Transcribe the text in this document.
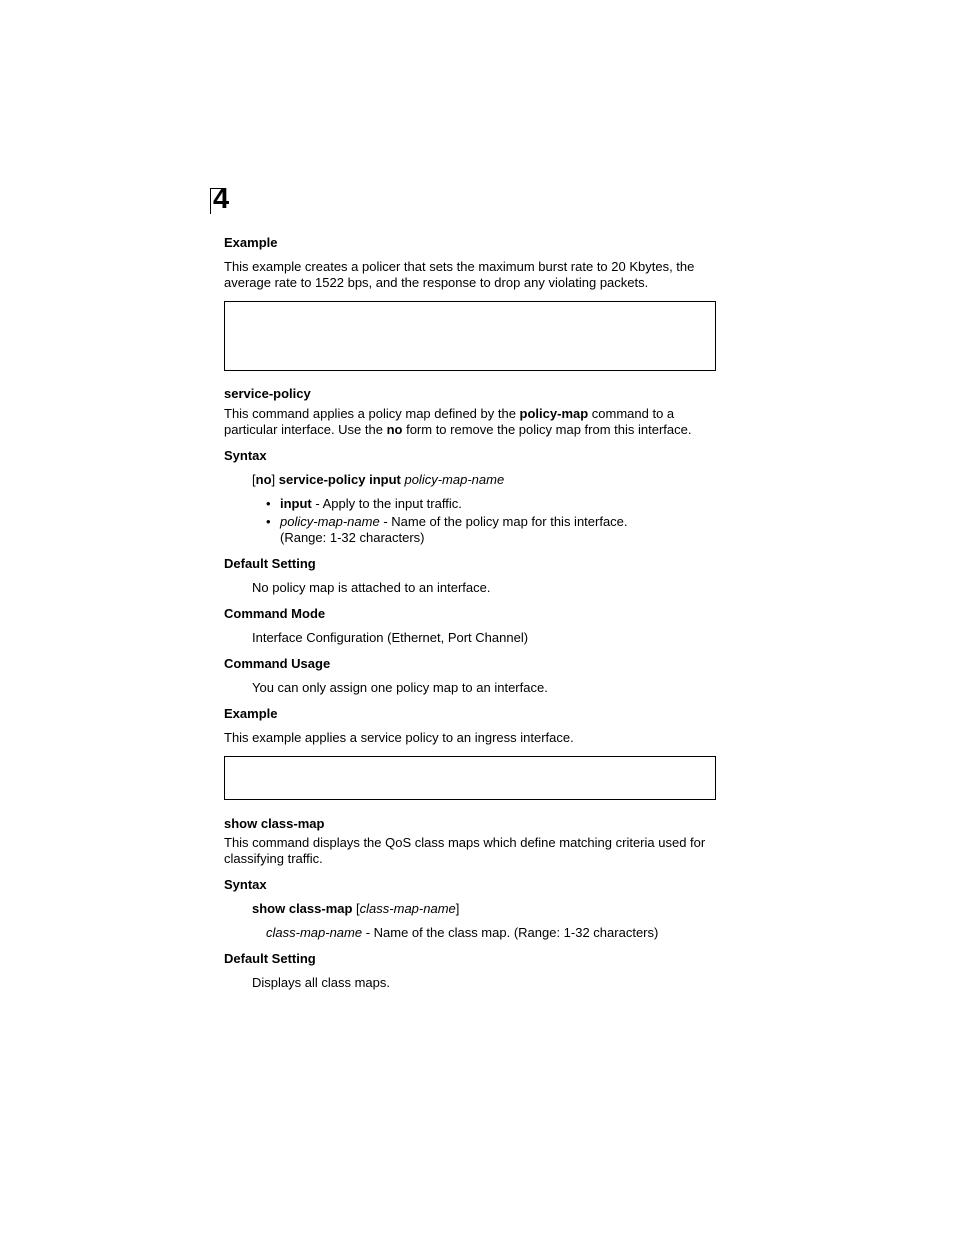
4
Example
This example creates a policer that sets the maximum burst rate to 20 Kbytes, the
average rate to 1522 bps, and the response to drop any violating packets.
service-policy
This command applies a policy map defined by the policy-map command to a
particular interface. Use the no form to remove the policy map from this interface.
Syntax
[no] service-policy input policy-map-name
• input - Apply to the input traffic.
• policy-map-name - Name of the policy map for this interface.
(Range: 1-32 characters)
Default Setting
No policy map is attached to an interface.
Command Mode
Interface Configuration (Ethernet, Port Channel)
Command Usage
You can only assign one policy map to an interface.
Example
This example applies a service policy to an ingress interface.
show class-map
This command displays the QoS class maps which define matching criteria used for
classifying traffic.
Syntax
show class-map [class-map-name]
class-map-name - Name of the class map. (Range: 1-32 characters)
Default Setting
Displays all class maps.
